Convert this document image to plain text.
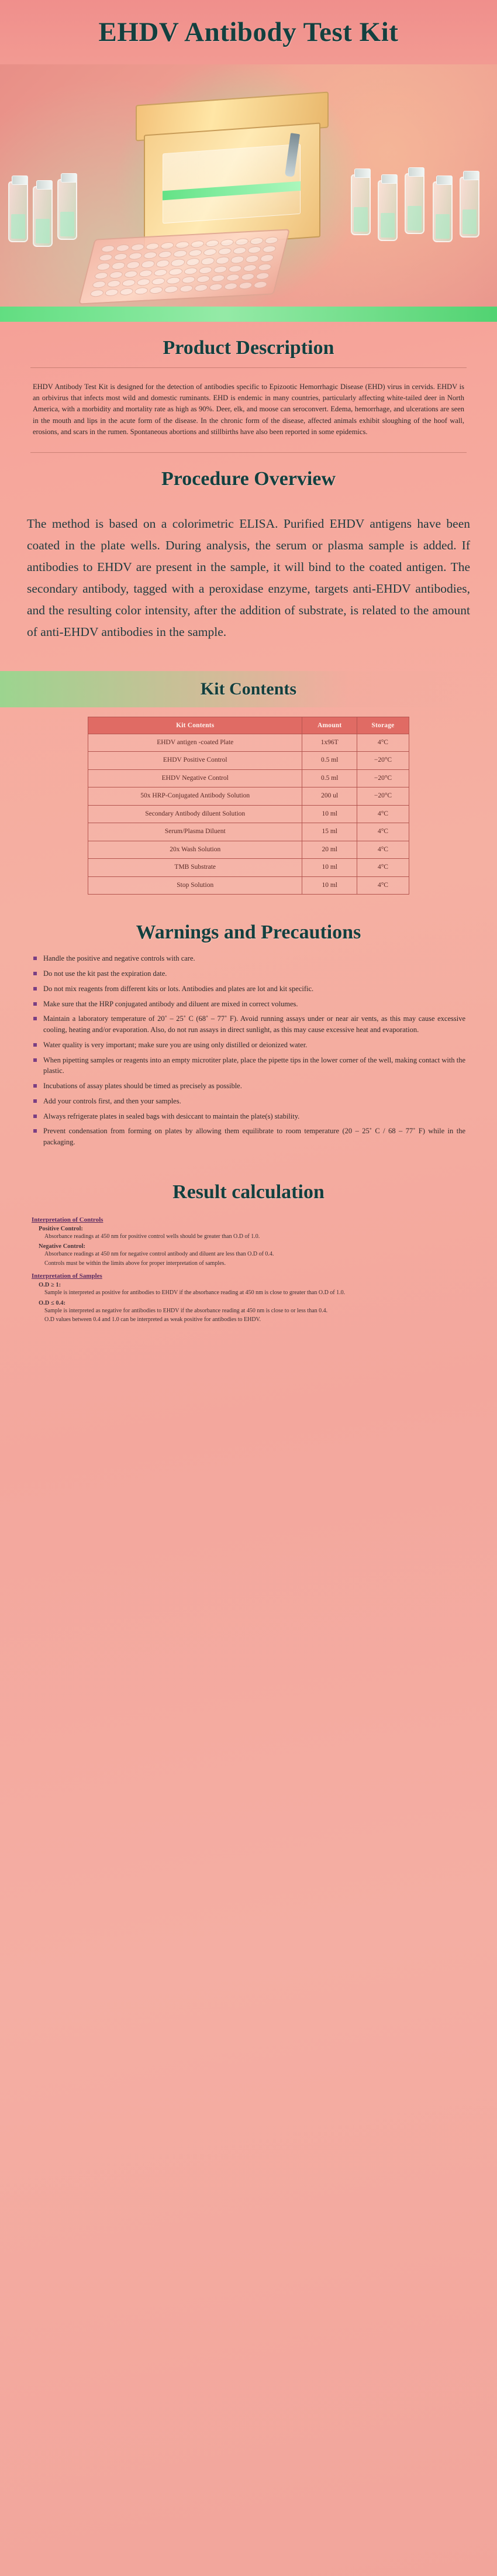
EHDV Antibody Test Kit
Product Description

EHDV Antibody Test Kit is designed for the detection of antibodies specific to Epizootic Hemorrhagic Disease (EHD) virus in cervids. EHDV is an orbivirus that infects most wild and domestic ruminants. EHD is endemic in many countries, particularly affecting white-tailed deer in North America, with a morbidity and mortality rate as high as 90%. Deer, elk, and moose can seroconvert. Edema, hemorrhage, and ulcerations are seen in the mouth and lips in the acute form of the disease. In the chronic form of the disease, affected animals exhibit sloughing of the hoof wall, erosions, and scars in the rumen. Spontaneous abortions and stillbirths have also been reported in some epidemics.

Procedure Overview

The method is based on a colorimetric ELISA. Purified EHDV antigens have been coated in the plate wells. During analysis, the serum or plasma sample is added. If antibodies to EHDV are present in the sample, it will bind to the coated antigen. The secondary antibody, tagged with a peroxidase enzyme, targets anti-EHDV antibodies, and the resulting color intensity, after the addition of substrate, is related to the amount of anti-EHDV antibodies in the sample.

Kit Contents
Kit Contents	Amount	Storage
EHDV antigen -coated Plate	1x96T	4°C
EHDV Positive Control	0.5 ml	−20°C
EHDV Negative Control	0.5 ml	−20°C
50x HRP-Conjugated Antibody Solution	200 ul	−20°C
Secondary Antibody diluent Solution	10 ml	4°C
Serum/Plasma Diluent	15 ml	4°C
20x Wash Solution	20 ml	4°C
TMB Substrate	10 ml	4°C
Stop Solution	10 ml	4°C
Warnings and Precautions
Handle the positive and negative controls with care.
Do not use the kit past the expiration date.
Do not mix reagents from different kits or lots. Antibodies and plates are lot and kit specific.
Make sure that the HRP conjugated antibody and diluent are mixed in correct volumes.
Maintain a laboratory temperature of 20˚ – 25˚ C (68˚ – 77˚ F). Avoid running assays under or near air vents, as this may cause excessive cooling, heating and/or evaporation. Also, do not run assays in direct sunlight, as this may cause excessive heat and evaporation.
Water quality is very important; make sure you are using only distilled or deionized water.
When pipetting samples or reagents into an empty microtiter plate, place the pipette tips in the lower corner of the well, making contact with the plastic.
Incubations of assay plates should be timed as precisely as possible.
Add your controls first, and then your samples.
Always refrigerate plates in sealed bags with desiccant to maintain the plate(s) stability.
Prevent condensation from forming on plates by allowing them equilibrate to room temperature (20 – 25˚ C / 68 – 77˚ F) while in the packaging.
Result calculation
Interpretation of Controls
Positive Control:
Absorbance readings at 450 nm for positive control wells should be greater than O.D of 1.0.
Negative Control:
Absorbance readings at 450 nm for negative control antibody and diluent are less than O.D of 0.4.
Controls must be within the limits above for proper interpretation of samples.
Interpretation of Samples
O.D ≥ 1:
Sample is interpreted as positive for antibodies to EHDV if the absorbance reading at 450 nm is close to greater than O.D of 1.0.
O.D ≤ 0.4:
Sample is interpreted as negative for antibodies to EHDV if the absorbance reading at 450 nm is close to or less than 0.4.
O.D values between 0.4 and 1.0 can be interpreted as weak positive for antibodies to EHDV.
